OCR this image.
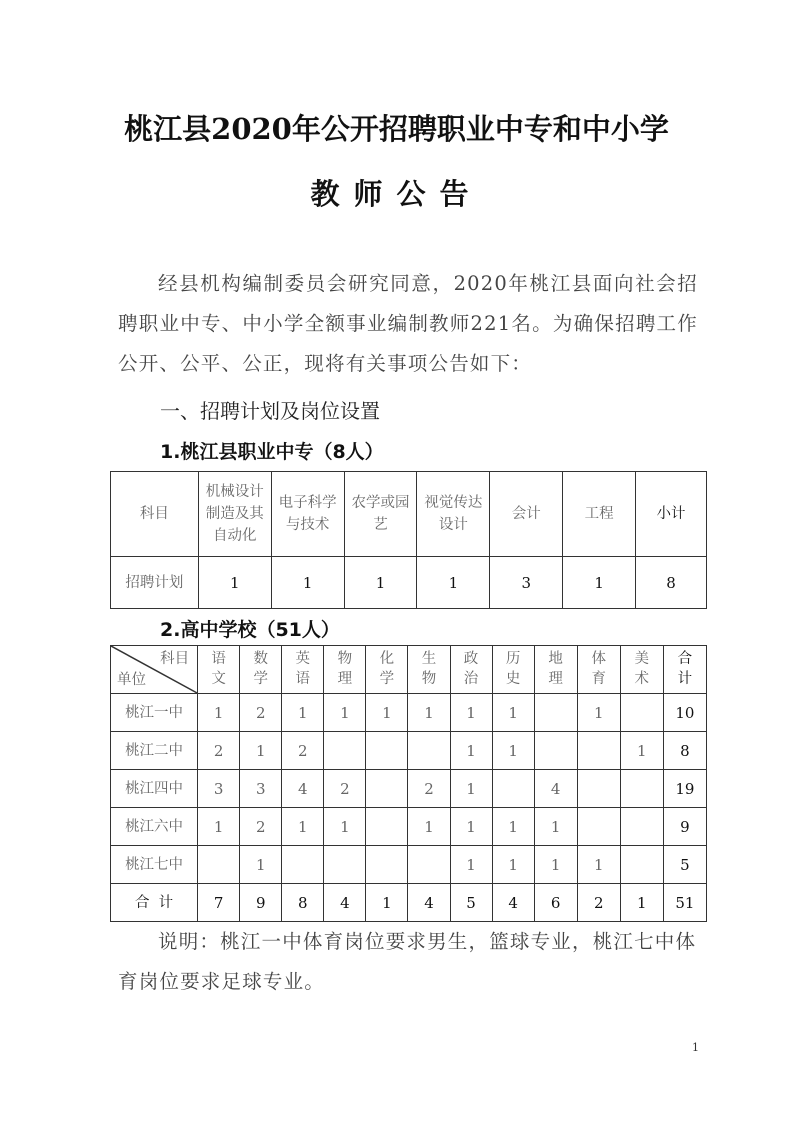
桃江县2020年公开招聘职业中专和中小学
教师公告
经县机构编制委员会研究同意，2020年桃江县面向社会招聘职业中专、中小学全额事业编制教师221名。为确保招聘工作公开、公平、公正，现将有关事项公告如下：
一、招聘计划及岗位设置
1.桃江县职业中专（8人）
科目	机械设计制造及其自动化	电子科学与技术	农学或园艺	视觉传达设计	会计	工程	小计
招聘计划	1	1	1	1	3	1	8
2.高中学校（51人）
科目
单位	语文	数学	英语	物理	化学	生物	政治	历史	地理	体育	美术	合计
桃江一中	1	2	1	1	1	1	1	1		1		10
桃江二中	2	1	2				1	1			1	8
桃江四中	3	3	4	2		2	1		4			19
桃江六中	1	2	1	1		1	1	1	1			9
桃江七中		1					1	1	1	1		5
合  计	7	9	8	4	1	4	5	4	6	2	1	51
说明：桃江一中体育岗位要求男生，篮球专业，桃江七中体育岗位要求足球专业。
1
